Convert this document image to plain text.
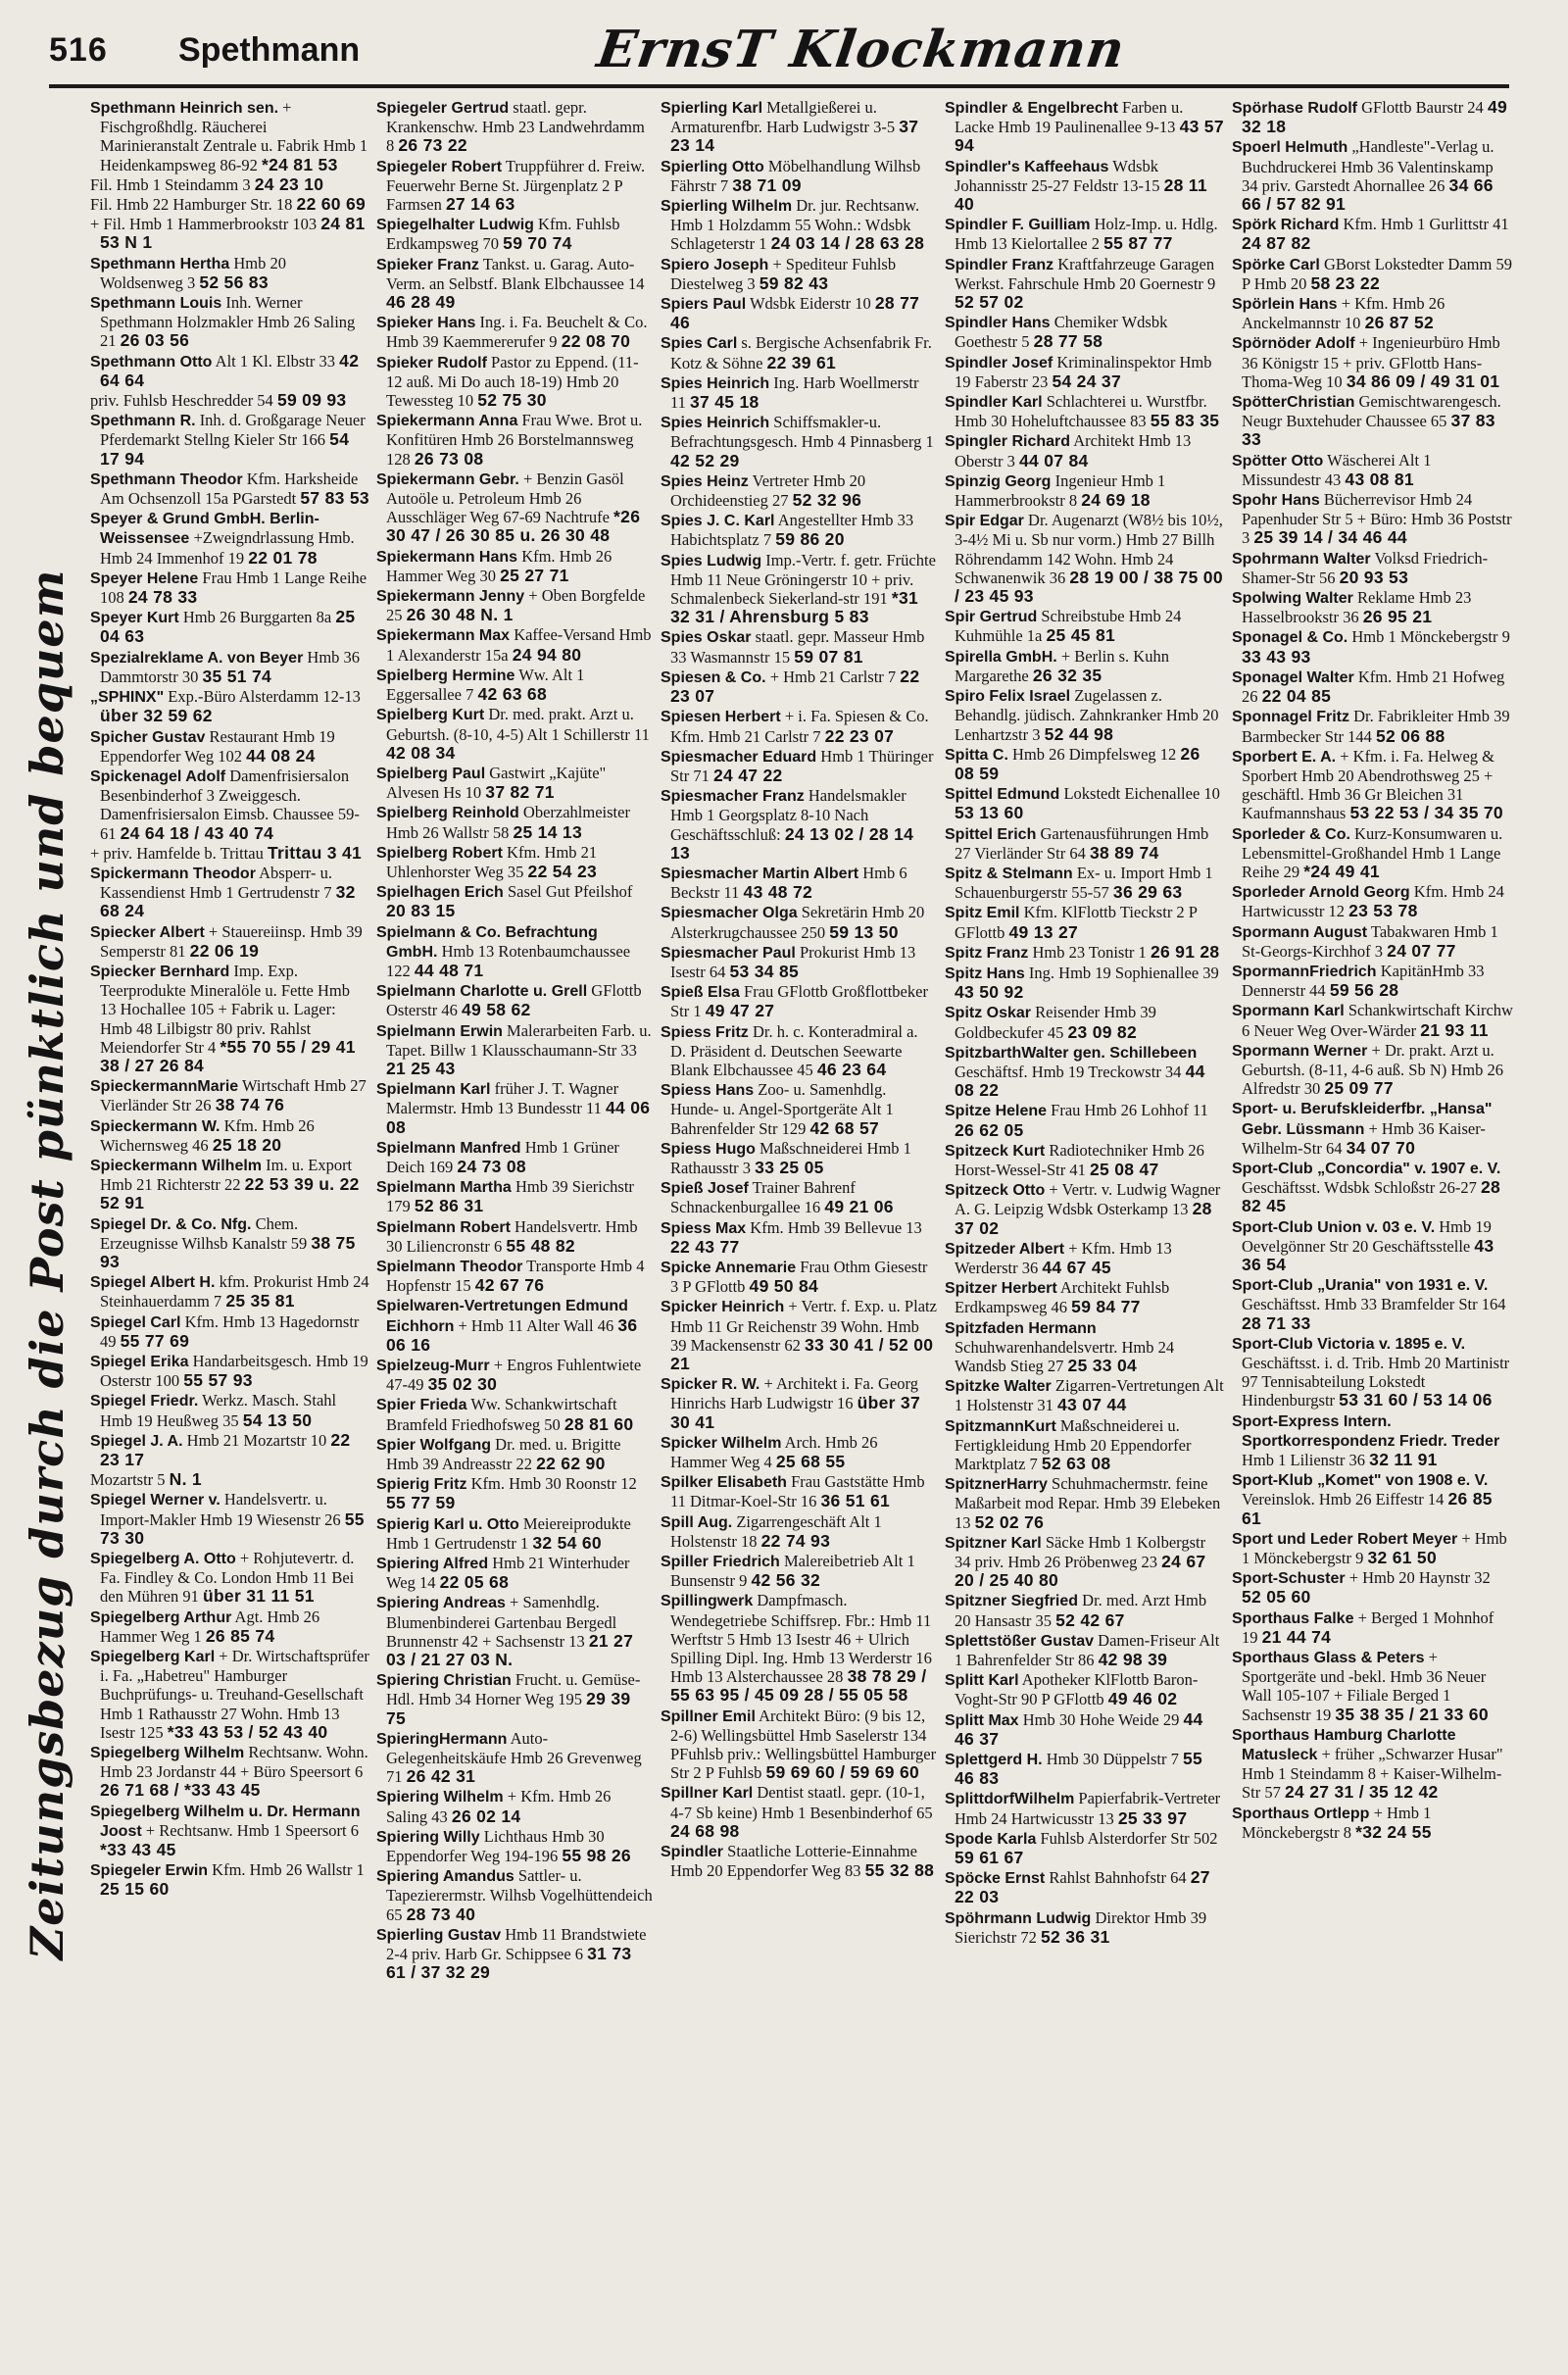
516 Spethmann	ErnsT Klockmann
Zeitungsbezug durch die Post pünktlich und bequem
Spethmann Heinrich sen. + Fischgroßhdlg. Räucherei Marinieranstalt Zentrale u. Fabrik Hmb 1 Heidenkampsweg 86-92 *24 81 53
Fil. Hmb 1 Steindamm 3 24 23 10
Fil. Hmb 22 Hamburger Str. 18 22 60 69
+ Fil. Hmb 1 Hammerbrookstr 103 24 81 53 N 1
Spethmann Hertha Hmb 20 Woldsenweg 3 52 56 83
Spethmann Louis Inh. Werner Spethmann Holzmakler Hmb 26 Saling 21 26 03 56
Spethmann Otto Alt 1 Kl. Elbstr 33 42 64 64
priv. Fuhlsb Heschredder 54 59 09 93
Spethmann R. Inh. d. Großgarage Neuer Pferdemarkt Stellng Kieler Str 166 54 17 94
Spethmann Theodor Kfm. Harksheide Am Ochsenzoll 15a PGarstedt 57 83 53
Speyer & Grund GmbH. Berlin-Weissensee +Zweigndrlassung Hmb. Hmb 24 Immenhof 19 22 01 78
Speyer Helene Frau Hmb 1 Lange Reihe 108 24 78 33
Speyer Kurt Hmb 26 Burggarten 8a 25 04 63
Spezialreklame A. von Beyer Hmb 36 Dammtorstr 30 35 51 74
„SPHINX" Exp.-Büro Alsterdamm 12-13 über 32 59 62
Spicher Gustav Restaurant Hmb 19 Eppendorfer Weg 102 44 08 24
Spickenagel Adolf Damenfrisiersalon Besenbinderhof 3 Zweiggesch. Damenfrisiersalon Eimsb. Chaussee 59-61 24 64 18 / 43 40 74
+ priv. Hamfelde b. Trittau Trittau 3 41
Spickermann Theodor Absperr- u. Kassendienst Hmb 1 Gertrudenstr 7 32 68 24
Spiecker Albert + Stauereiinsp. Hmb 39 Semperstr 81 22 06 19
Spiecker Bernhard Imp. Exp. Teerprodukte Mineralöle u. Fette Hmb 13 Hochallee 105 + Fabrik u. Lager: Hmb 48 Lilbigstr 80 priv. Rahlst Meiendorfer Str 4 *55 70 55 / 29 41 38 / 27 26 84
SpieckermannMarie Wirtschaft Hmb 27 Vierländer Str 26 38 74 76
Spieckermann W. Kfm. Hmb 26 Wichernsweg 46 25 18 20
Spieckermann Wilhelm Im. u. Export Hmb 21 Richterstr 22 22 53 39 u. 22 52 91
Spiegel Dr. & Co. Nfg. Chem. Erzeugnisse Wilhsb Kanalstr 59 38 75 93
Spiegel Albert H. kfm. Prokurist Hmb 24 Steinhauerdamm 7 25 35 81
Spiegel Carl Kfm. Hmb 13 Hagedornstr 49 55 77 69
Spiegel Erika Handarbeitsgesch. Hmb 19 Osterstr 100 55 57 93
Spiegel Friedr. Werkz. Masch. Stahl Hmb 19 Heußweg 35 54 13 50
Spiegel J. A. Hmb 21 Mozartstr 10 22 23 17
Mozartstr 5 N. 1
Spiegel Werner v. Handelsvertr. u. Import-Makler Hmb 19 Wiesenstr 26 55 73 30
Spiegelberg A. Otto + Rohjutevertr. d. Fa. Findley & Co. London Hmb 11 Bei den Mühren 91 über 31 11 51
Spiegelberg Arthur Agt. Hmb 26 Hammer Weg 1 26 85 74
Spiegelberg Karl + Dr. Wirtschaftsprüfer i. Fa. „Habetreu" Hamburger Buchprüfungs- u. Treuhand-Gesellschaft Hmb 1 Rathausstr 27 Wohn. Hmb 13 Isestr 125 *33 43 53 / 52 43 40
Spiegelberg Wilhelm Rechtsanw. Wohn. Hmb 23 Jordanstr 44 + Büro Speersort 6 26 71 68 / *33 43 45
Spiegelberg Wilhelm u. Dr. Hermann Joost + Rechtsanw. Hmb 1 Speersort 6 *33 43 45
Spiegeler Erwin Kfm. Hmb 26 Wallstr 1 25 15 60
Spiegeler Gertrud staatl. gepr. Krankenschw. Hmb 23 Landwehrdamm 8 26 73 22
Spiegeler Robert Truppführer d. Freiw. Feuerwehr Berne St. Jürgenplatz 2 P Farmsen 27 14 63
Spiegelhalter Ludwig Kfm. Fuhlsb Erdkampsweg 70 59 70 74
Spieker Franz Tankst. u. Garag. Auto-Verm. an Selbstf. Blank Elbchaussee 14 46 28 49
Spieker Hans Ing. i. Fa. Beuchelt & Co. Hmb 39 Kaemmererufer 9 22 08 70
Spieker Rudolf Pastor zu Eppend. (11-12 auß. Mi Do auch 18-19) Hmb 20 Tewessteg 10 52 75 30
Spiekermann Anna Frau Wwe. Brot u. Konfitüren Hmb 26 Borstelmannsweg 128 26 73 08
Spiekermann Gebr. + Benzin Gasöl Autoöle u. Petroleum Hmb 26 Ausschläger Weg 67-69 Nachtrufe *26 30 47 / 26 30 85 u. 26 30 48
Spiekermann Hans Kfm. Hmb 26 Hammer Weg 30 25 27 71
Spiekermann Jenny + Oben Borgfelde 25 26 30 48 N. 1
Spiekermann Max Kaffee-Versand Hmb 1 Alexanderstr 15a 24 94 80
Spielberg Hermine Ww. Alt 1 Eggersallee 7 42 63 68
Spielberg Kurt Dr. med. prakt. Arzt u. Geburtsh. (8-10, 4-5) Alt 1 Schillerstr 11 42 08 34
Spielberg Paul Gastwirt „Kajüte" Alvesen Hs 10 37 82 71
Spielberg Reinhold Oberzahlmeister Hmb 26 Wallstr 58 25 14 13
Spielberg Robert Kfm. Hmb 21 Uhlenhorster Weg 35 22 54 23
Spielhagen Erich Sasel Gut Pfeilshof 20 83 15
Spielmann & Co. Befrachtung GmbH. Hmb 13 Rotenbaumchaussee 122 44 48 71
Spielmann Charlotte u. Grell GFlottb Osterstr 46 49 58 62
Spielmann Erwin Malerarbeiten Farb. u. Tapet. Billw 1 Klausschaumann-Str 33 21 25 43
Spielmann Karl früher J. T. Wagner Malermstr. Hmb 13 Bundesstr 11 44 06 08
Spielmann Manfred Hmb 1 Grüner Deich 169 24 73 08
Spielmann Martha Hmb 39 Sierichstr 179 52 86 31
Spielmann Robert Handelsvertr. Hmb 30 Liliencronstr 6 55 48 82
Spielmann Theodor Transporte Hmb 4 Hopfenstr 15 42 67 76
Spielwaren-Vertretungen Edmund Eichhorn + Hmb 11 Alter Wall 46 36 06 16
Spielzeug-Murr + Engros Fuhlentwiete 47-49 35 02 30
Spier Frieda Ww. Schankwirtschaft Bramfeld Friedhofsweg 50 28 81 60
Spier Wolfgang Dr. med. u. Brigitte Hmb 39 Andreasstr 22 22 62 90
Spierig Fritz Kfm. Hmb 30 Roonstr 12 55 77 59
Spierig Karl u. Otto Meiereiprodukte Hmb 1 Gertrudenstr 1 32 54 60
Spiering Alfred Hmb 21 Winterhuder Weg 14 22 05 68
Spiering Andreas + Samenhdlg. Blumenbinderei Gartenbau Bergedl Brunnenstr 42 + Sachsenstr 13 21 27 03 / 21 27 03 N.
Spiering Christian Frucht. u. Gemüse-Hdl. Hmb 34 Horner Weg 195 29 39 75
SpieringHermann Auto-Gelegenheitskäufe Hmb 26 Grevenweg 71 26 42 31
Spiering Wilhelm + Kfm. Hmb 26 Saling 43 26 02 14
Spiering Willy Lichthaus Hmb 30 Eppendorfer Weg 194-196 55 98 26
Spiering Amandus Sattler- u. Tapezierermstr. Wilhsb Vogelhüttendeich 65 28 73 40
Spierling Gustav Hmb 11 Brandstwiete 2-4 priv. Harb Gr. Schippsee 6 31 73 61 / 37 32 29
Spierling Karl Metallgießerei u. Armaturenfbr. Harb Ludwigstr 3-5 37 23 14
Spierling Otto Möbelhandlung Wilhsb Fährstr 7 38 71 09
Spierling Wilhelm Dr. jur. Rechtsanw. Hmb 1 Holzdamm 55 Wohn.: Wdsbk Schlageterstr 1 24 03 14 / 28 63 28
Spiero Joseph + Spediteur Fuhlsb Diestelweg 3 59 82 43
Spiers Paul Wdsbk Eiderstr 10 28 77 46
Spies Carl s. Bergische Achsenfabrik Fr. Kotz & Söhne 22 39 61
Spies Heinrich Ing. Harb Woellmerstr 11 37 45 18
Spies Heinrich Schiffsmakler-u. Befrachtungsgesch. Hmb 4 Pinnasberg 1 42 52 29
Spies Heinz Vertreter Hmb 20 Orchideenstieg 27 52 32 96
Spies J. C. Karl Angestellter Hmb 33 Habichtsplatz 7 59 86 20
Spies Ludwig Imp.-Vertr. f. getr. Früchte Hmb 11 Neue Gröningerstr 10 + priv. Schmalenbeck Siekerland-str 191 *31 32 31 / Ahrensburg 5 83
Spies Oskar staatl. gepr. Masseur Hmb 33 Wasmannstr 15 59 07 81
Spiesen & Co. + Hmb 21 Carlstr 7 22 23 07
Spiesen Herbert + i. Fa. Spiesen & Co. Kfm. Hmb 21 Carlstr 7 22 23 07
Spiesmacher Eduard Hmb 1 Thüringer Str 71 24 47 22
Spiesmacher Franz Handelsmakler Hmb 1 Georgsplatz 8-10 Nach Geschäftsschluß: 24 13 02 / 28 14 13
Spiesmacher Martin Albert Hmb 6 Beckstr 11 43 48 72
Spiesmacher Olga Sekretärin Hmb 20 Alsterkrugchaussee 250 59 13 50
Spiesmacher Paul Prokurist Hmb 13 Isestr 64 53 34 85
Spieß Elsa Frau GFlottb Großflottbeker Str 1 49 47 27
Spiess Fritz Dr. h. c. Konteradmiral a. D. Präsident d. Deutschen Seewarte Blank Elbchaussee 45 46 23 64
Spiess Hans Zoo- u. Samenhdlg. Hunde- u. Angel-Sportgeräte Alt 1 Bahrenfelder Str 129 42 68 57
Spiess Hugo Maßschneiderei Hmb 1 Rathausstr 3 33 25 05
Spieß Josef Trainer Bahrenf Schnackenburgallee 16 49 21 06
Spiess Max Kfm. Hmb 39 Bellevue 13 22 43 77
Spicke Annemarie Frau Othm Giesestr 3 P GFlottb 49 50 84
Spicker Heinrich + Vertr. f. Exp. u. Platz Hmb 11 Gr Reichenstr 39 Wohn. Hmb 39 Mackensenstr 62 33 30 41 / 52 00 21
Spicker R. W. + Architekt i. Fa. Georg Hinrichs Harb Ludwigstr 16 über 37 30 41
Spicker Wilhelm Arch. Hmb 26 Hammer Weg 4 25 68 55
Spilker Elisabeth Frau Gaststätte Hmb 11 Ditmar-Koel-Str 16 36 51 61
Spill Aug. Zigarrengeschäft Alt 1 Holstenstr 18 22 74 93
Spiller Friedrich Malereibetrieb Alt 1 Bunsenstr 9 42 56 32
Spillingwerk Dampfmasch. Wendegetriebe Schiffsrep. Fbr.: Hmb 11 Werftstr 5 Hmb 13 Isestr 46 + Ulrich Spilling Dipl. Ing. Hmb 13 Werderstr 16 Hmb 13 Alsterchaussee 28 38 78 29 / 55 63 95 / 45 09 28 / 55 05 58
Spillner Emil Architekt Büro: (9 bis 12, 2-6) Wellingsbüttel Hmb Saselerstr 134 PFuhlsb priv.: Wellingsbüttel Hamburger Str 2 P Fuhlsb 59 69 60 / 59 69 60
Spillner Karl Dentist staatl. gepr. (10-1, 4-7 Sb keine) Hmb 1 Besenbinderhof 65 24 68 98
Spindler Staatliche Lotterie-Einnahme Hmb 20 Eppendorfer Weg 83 55 32 88
Spindler & Engelbrecht Farben u. Lacke Hmb 19 Paulinenallee 9-13 43 57 94
Spindler's Kaffeehaus Wdsbk Johannisstr 25-27 Feldstr 13-15 28 11 40
Spindler F. Guilliam Holz-Imp. u. Hdlg. Hmb 13 Kielortallee 2 55 87 77
Spindler Franz Kraftfahrzeuge Garagen Werkst. Fahrschule Hmb 20 Goernestr 9 52 57 02
Spindler Hans Chemiker Wdsbk Goethestr 5 28 77 58
Spindler Josef Kriminalinspektor Hmb 19 Faberstr 23 54 24 37
Spindler Karl Schlachterei u. Wurstfbr. Hmb 30 Hoheluftchaussee 83 55 83 35
Spingler Richard Architekt Hmb 13 Oberstr 3 44 07 84
Spinzig Georg Ingenieur Hmb 1 Hammerbrookstr 8 24 69 18
Spir Edgar Dr. Augenarzt (W8½ bis 10½, 3-4½ Mi u. Sb nur vorm.) Hmb 27 Billh Röhrendamm 142 Wohn. Hmb 24 Schwanenwik 36 28 19 00 / 38 75 00 / 23 45 93
Spir Gertrud Schreibstube Hmb 24 Kuhmühle 1a 25 45 81
Spirella GmbH. + Berlin s. Kuhn Margarethe 26 32 35
Spiro Felix Israel Zugelassen z. Behandlg. jüdisch. Zahnkranker Hmb 20 Lenhartzstr 3 52 44 98
Spitta C. Hmb 26 Dimpfelsweg 12 26 08 59
Spittel Edmund Lokstedt Eichenallee 10 53 13 60
Spittel Erich Gartenausführungen Hmb 27 Vierländer Str 64 38 89 74
Spitz & Stelmann Ex- u. Import Hmb 1 Schauenburgerstr 55-57 36 29 63
Spitz Emil Kfm. KlFlottb Tieckstr 2 P GFlottb 49 13 27
Spitz Franz Hmb 23 Tonistr 1 26 91 28
Spitz Hans Ing. Hmb 19 Sophienallee 39 43 50 92
Spitz Oskar Reisender Hmb 39 Goldbeckufer 45 23 09 82
SpitzbarthWalter gen. Schillebeen Geschäftsf. Hmb 19 Treckowstr 34 44 08 22
Spitze Helene Frau Hmb 26 Lohhof 11 26 62 05
Spitzeck Kurt Radiotechniker Hmb 26 Horst-Wessel-Str 41 25 08 47
Spitzeck Otto + Vertr. v. Ludwig Wagner A. G. Leipzig Wdsbk Osterkamp 13 28 37 02
Spitzeder Albert + Kfm. Hmb 13 Werderstr 36 44 67 45
Spitzer Herbert Architekt Fuhlsb Erdkampsweg 46 59 84 77
Spitzfaden Hermann Schuhwarenhandelsvertr. Hmb 24 Wandsb Stieg 27 25 33 04
Spitzke Walter Zigarren-Vertretungen Alt 1 Holstenstr 31 43 07 44
SpitzmannKurt Maßschneiderei u. Fertigkleidung Hmb 20 Eppendorfer Marktplatz 7 52 63 08
SpitznerHarry Schuhmachermstr. feine Maßarbeit mod Repar. Hmb 39 Elebeken 13 52 02 76
Spitzner Karl Säcke Hmb 1 Kolbergstr 34 priv. Hmb 26 Pröbenweg 23 24 67 20 / 25 40 80
Spitzner Siegfried Dr. med. Arzt Hmb 20 Hansastr 35 52 42 67
Splettstößer Gustav Damen-Friseur Alt 1 Bahrenfelder Str 86 42 98 39
Splitt Karl Apotheker KlFlottb Baron-Voght-Str 90 P GFlottb 49 46 02
Splitt Max Hmb 30 Hohe Weide 29 44 46 37
Splettgerd H. Hmb 30 Düppelstr 7 55 46 83
SplittdorfWilhelm Papierfabrik-Vertreter Hmb 24 Hartwicusstr 13 25 33 97
Spode Karla Fuhlsb Alsterdorfer Str 502 59 61 67
Spöcke Ernst Rahlst Bahnhofstr 64 27 22 03
Spöhrmann Ludwig Direktor Hmb 39 Sierichstr 72 52 36 31
Spörhase Rudolf GFlottb Baurstr 24 49 32 18
Spoerl Helmuth „Handleste"-Verlag u. Buchdruckerei Hmb 36 Valentinskamp 34 priv. Garstedt Ahornallee 26 34 66 66 / 57 82 91
Spörk Richard Kfm. Hmb 1 Gurlittstr 41 24 87 82
Spörke Carl GBorst Lokstedter Damm 59 P Hmb 20 58 23 22
Spörlein Hans + Kfm. Hmb 26 Anckelmannstr 10 26 87 52
Spörnöder Adolf + Ingenieurbüro Hmb 36 Königstr 15 + priv. GFlottb Hans-Thoma-Weg 10 34 86 09 / 49 31 01
SpötterChristian Gemischtwarengesch. Neugr Buxtehuder Chaussee 65 37 83 33
Spötter Otto Wäscherei Alt 1 Missundestr 43 43 08 81
Spohr Hans Bücherrevisor Hmb 24 Papenhuder Str 5 + Büro: Hmb 36 Poststr 3 25 39 14 / 34 46 44
Spohrmann Walter Volksd Friedrich-Shamer-Str 56 20 93 53
Spolwing Walter Reklame Hmb 23 Hasselbrookstr 36 26 95 21
Sponagel & Co. Hmb 1 Mönckebergstr 9 33 43 93
Sponagel Walter Kfm. Hmb 21 Hofweg 26 22 04 85
Sponnagel Fritz Dr. Fabrikleiter Hmb 39 Barmbecker Str 144 52 06 88
Sporbert E. A. + Kfm. i. Fa. Helweg & Sporbert Hmb 20 Abendrothsweg 25 + geschäftl. Hmb 36 Gr Bleichen 31 Kaufmannshaus 53 22 53 / 34 35 70
Sporleder & Co. Kurz-Konsumwaren u. Lebensmittel-Großhandel Hmb 1 Lange Reihe 29 *24 49 41
Sporleder Arnold Georg Kfm. Hmb 24 Hartwicusstr 12 23 53 78
Spormann August Tabakwaren Hmb 1 St-Georgs-Kirchhof 3 24 07 77
SpormannFriedrich KapitänHmb 33 Dennerstr 44 59 56 28
Spormann Karl Schankwirtschaft Kirchw 6 Neuer Weg Over-Wärder 21 93 11
Spormann Werner + Dr. prakt. Arzt u. Geburtsh. (8-11, 4-6 auß. Sb N) Hmb 26 Alfredstr 30 25 09 77
Sport- u. Berufskleiderfbr. „Hansa" Gebr. Lüssmann + Hmb 36 Kaiser-Wilhelm-Str 64 34 07 70
Sport-Club „Concordia" v. 1907 e. V. Geschäftsst. Wdsbk Schloßstr 26-27 28 82 45
Sport-Club Union v. 03 e. V. Hmb 19 Oevelgönner Str 20 Geschäftsstelle 43 36 54
Sport-Club „Urania" von 1931 e. V. Geschäftsst. Hmb 33 Bramfelder Str 164 28 71 33
Sport-Club Victoria v. 1895 e. V. Geschäftsst. i. d. Trib. Hmb 20 Martinistr 97 Tennisabteilung Lokstedt Hindenburgstr 53 31 60 / 53 14 06
Sport-Express Intern. Sportkorrespondenz Friedr. Treder Hmb 1 Lilienstr 36 32 11 91
Sport-Klub „Komet" von 1908 e. V. Vereinslok. Hmb 26 Eiffestr 14 26 85 61
Sport und Leder Robert Meyer + Hmb 1 Mönckebergstr 9 32 61 50
Sport-Schuster + Hmb 20 Haynstr 32 52 05 60
Sporthaus Falke + Berged 1 Mohnhof 19 21 44 74
Sporthaus Glass & Peters + Sportgeräte und -bekl. Hmb 36 Neuer Wall 105-107 + Filiale Berged 1 Sachsenstr 19 35 38 35 / 21 33 60
Sporthaus Hamburg Charlotte Matusleck + früher „Schwarzer Husar" Hmb 1 Steindamm 8 + Kaiser-Wilhelm-Str 57 24 27 31 / 35 12 42
Sporthaus Ortlepp + Hmb 1 Mönckebergstr 8 *32 24 55
